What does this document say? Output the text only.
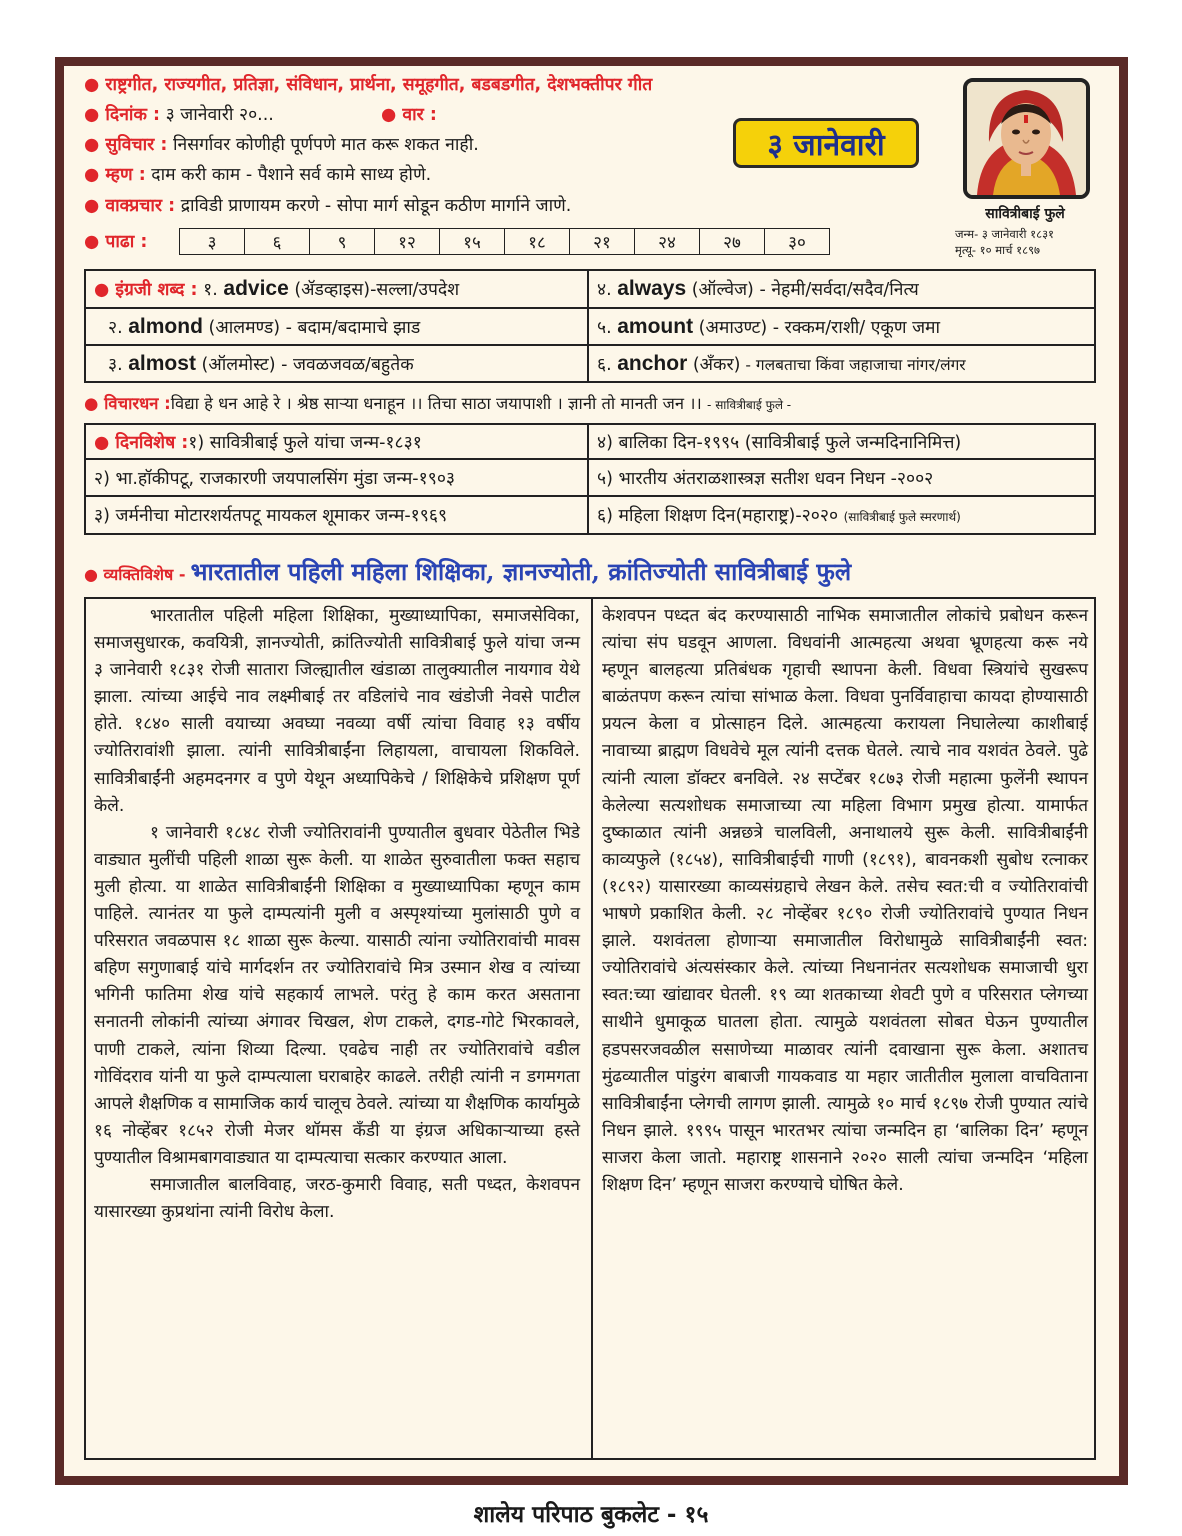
● राष्ट्रगीत, राज्यगीत, प्रतिज्ञा, संविधान, प्रार्थना, समूहगीत, बडबडगीत, देशभक्तीपर गीत
● दिनांक : ३ जानेवारी २०...	● वार :
● सुविचार : निसर्गावर कोणीही पूर्णपणे मात करू शकत नाही.
● म्हण : दाम करी काम - पैशाने सर्व कामे साध्य होणे.
● वाक्प्रचार : द्राविडी प्राणायम करणे - सोपा मार्ग सोडून कठीण मार्गाने जाणे.
● पाढा :	३	६	९	१२	१५	१८	२१	२४	२७	३०
३ जानेवारी
सावित्रीबाई फुले
जन्म- ३ जानेवारी १८३१
मृत्यू- १० मार्च १८९७
● इंग्रजी शब्द : १. advice (ॲडव्हाइस)-सल्ला/उपदेश	४. always (ऑल्वेज) - नेहमी/सर्वदा/सदैव/नित्य
२. almond (आलमण्ड) - बदाम/बदामाचे झाड	५. amount (अमाउण्ट) - रक्कम/राशी/ एकूण जमा
३. almost (ऑलमोस्ट) - जवळजवळ/बहुतेक	६. anchor (अँकर) - गलबताचा किंवा जहाजाचा नांगर/लंगर
● विचारधन :विद्या हे धन आहे रे । श्रेष्ठ साऱ्या धनाहून ।। तिचा साठा जयापाशी । ज्ञानी तो मानती जन ।। - सावित्रीबाई फुले -
● दिनविशेष :१) सावित्रीबाई फुले यांचा जन्म-१८३१	४) बालिका दिन-१९९५ (सावित्रीबाई फुले जन्मदिनानिमित्त)
२) भा.हॉकीपटू, राजकारणी जयपालसिंग मुंडा जन्म-१९०३	५) भारतीय अंतराळशास्त्रज्ञ सतीश धवन निधन -२००२
३) जर्मनीचा मोटारशर्यतपटू मायकल शूमाकर जन्म-१९६९	६) महिला शिक्षण दिन(महाराष्ट्र)-२०२० (सावित्रीबाई फुले स्मरणार्थ)
● व्यक्तिविशेष - भारतातील पहिली महिला शिक्षिका, ज्ञानज्योती, क्रांतिज्योती सावित्रीबाई फुले

भारतातील पहिली महिला शिक्षिका, मुख्याध्यापिका, समाजसेविका, समाजसुधारक, कवयित्री, ज्ञानज्योती, क्रांतिज्योती सावित्रीबाई फुले यांचा जन्म ३ जानेवारी १८३१ रोजी सातारा जिल्ह्यातील खंडाळा तालुक्यातील नायगाव येथे झाला. त्यांच्या आईचे नाव लक्ष्मीबाई तर वडिलांचे नाव खंडोजी नेवसे पाटील होते. १८४० साली वयाच्या अवघ्या नवव्या वर्षी त्यांचा विवाह १३ वर्षीय ज्योतिरावांशी झाला. त्यांनी सावित्रीबाईंना लिहायला, वाचायला शिकविले. सावित्रीबाईंनी अहमदनगर व पुणे येथून अध्यापिकेचे / शिक्षिकेचे प्रशिक्षण पूर्ण केले.

१ जानेवारी १८४८ रोजी ज्योतिरावांनी पुण्यातील बुधवार पेठेतील भिडे वाड्यात मुलींची पहिली शाळा सुरू केली. या शाळेत सुरुवातीला फक्त सहाच मुली होत्या. या शाळेत सावित्रीबाईंनी शिक्षिका व मुख्याध्यापिका म्हणून काम पाहिले. त्यानंतर या फुले दाम्पत्यांनी मुली व अस्पृश्यांच्या मुलांसाठी पुणे व परिसरात जवळपास १८ शाळा सुरू केल्या. यासाठी त्यांना ज्योतिरावांची मावस बहिण सगुणाबाई यांचे मार्गदर्शन तर ज्योतिरावांचे मित्र उस्मान शेख व त्यांच्या भगिनी फातिमा शेख यांचे सहकार्य लाभले. परंतु हे काम करत असताना सनातनी लोकांनी त्यांच्या अंगावर चिखल, शेण टाकले, दगड-गोटे भिरकावले, पाणी टाकले, त्यांना शिव्या दिल्या. एवढेच नाही तर ज्योतिरावांचे वडील गोविंदराव यांनी या फुले दाम्पत्याला घराबाहेर काढले. तरीही त्यांनी न डगमगता आपले शैक्षणिक व सामाजिक कार्य चालूच ठेवले. त्यांच्या या शैक्षणिक कार्यामुळे १६ नोव्हेंबर १८५२ रोजी मेजर थॉमस कँडी या इंग्रज अधिकाऱ्याच्या हस्ते पुण्यातील विश्रामबागवाड्यात या दाम्पत्याचा सत्कार करण्यात आला.

समाजातील बालविवाह, जरठ-कुमारी विवाह, सती पध्दत, केशवपन यासारख्या कुप्रथांना त्यांनी विरोध केला.

केशवपन पध्दत बंद करण्यासाठी नाभिक समाजातील लोकांचे प्रबोधन करून त्यांचा संप घडवून आणला. विधवांनी आत्महत्या अथवा भ्रूणहत्या करू नये म्हणून बालहत्या प्रतिबंधक गृहाची स्थापना केली. विधवा स्त्रियांचे सुखरूप बाळंतपण करून त्यांचा सांभाळ केला. विधवा पुनर्विवाहाचा कायदा होण्यासाठी प्रयत्न केला व प्रोत्साहन दिले. आत्महत्या करायला निघालेल्या काशीबाई नावाच्या ब्राह्मण विधवेचे मूल त्यांनी दत्तक घेतले. त्याचे नाव यशवंत ठेवले. पुढे त्यांनी त्याला डॉक्टर बनविले. २४ सप्टेंबर १८७३ रोजी महात्मा फुलेंनी स्थापन केलेल्या सत्यशोधक समाजाच्या त्या महिला विभाग प्रमुख होत्या. यामार्फत दुष्काळात त्यांनी अन्नछत्रे चालविली, अनाथालये सुरू केली. सावित्रीबाईंनी काव्यफुले (१८५४), सावित्रीबाईची गाणी (१८९१), बावनकशी सुबोध रत्नाकर (१८९२) यासारख्या काव्यसंग्रहाचे लेखन केले. तसेच स्वत:ची व ज्योतिरावांची भाषणे प्रकाशित केली. २८ नोव्हेंबर १८९० रोजी ज्योतिरावांचे पुण्यात निधन झाले. यशवंतला होणाऱ्या समाजातील विरोधामुळे सावित्रीबाईंनी स्वत: ज्योतिरावांचे अंत्यसंस्कार केले. त्यांच्या निधनानंतर सत्यशोधक समाजाची धुरा स्वत:च्या खांद्यावर घेतली. १९ व्या शतकाच्या शेवटी पुणे व परिसरात प्लेगच्या साथीने धुमाकूळ घातला होता. त्यामुळे यशवंतला सोबत घेऊन पुण्यातील हडपसरजवळील ससाणेच्या माळावर त्यांनी दवाखाना सुरू केला. अशातच मुंढव्यातील पांडुरंग बाबाजी गायकवाड या महार जातीतील मुलाला वाचविताना सावित्रीबाईंना प्लेगची लागण झाली. त्यामुळे १० मार्च १८९७ रोजी पुण्यात त्यांचे निधन झाले. १९९५ पासून भारतभर त्यांचा जन्मदिन हा ‘बालिका दिन’ म्हणून साजरा केला जातो. महाराष्ट्र शासनाने २०२० साली त्यांचा जन्मदिन ‘महिला शिक्षण दिन’ म्हणून साजरा करण्याचे घोषित केले.

शालेय परिपाठ बुकलेट - १५
